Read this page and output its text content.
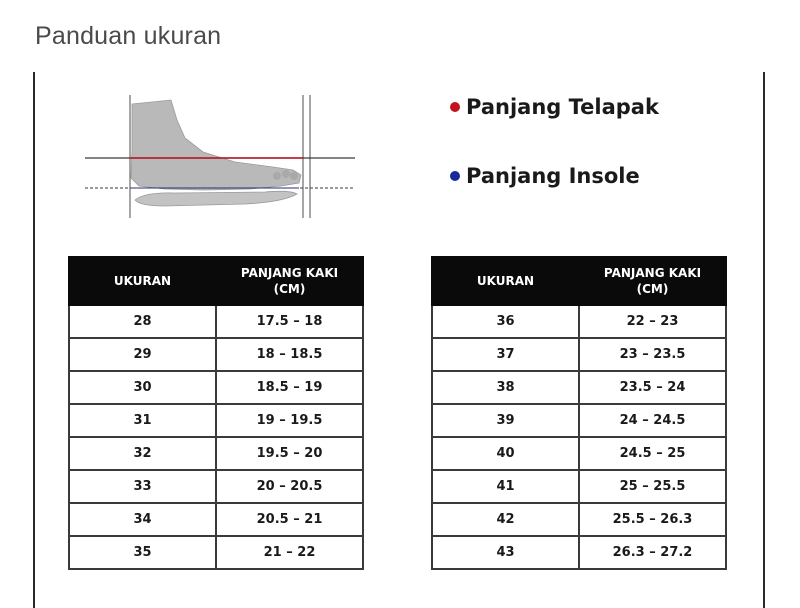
Panduan ukuran
Panjang Telapak
Panjang Insole
UKURAN	PANJANG KAKI
(CM)
28	17.5 – 18
29	18 – 18.5
30	18.5 – 19
31	19 – 19.5
32	19.5 – 20
33	20 – 20.5
34	20.5 – 21
35	21 – 22
UKURAN	PANJANG KAKI
(CM)
36	22 – 23
37	23 – 23.5
38	23.5 – 24
39	24 – 24.5
40	24.5 – 25
41	25 – 25.5
42	25.5 – 26.3
43	26.3 – 27.2
